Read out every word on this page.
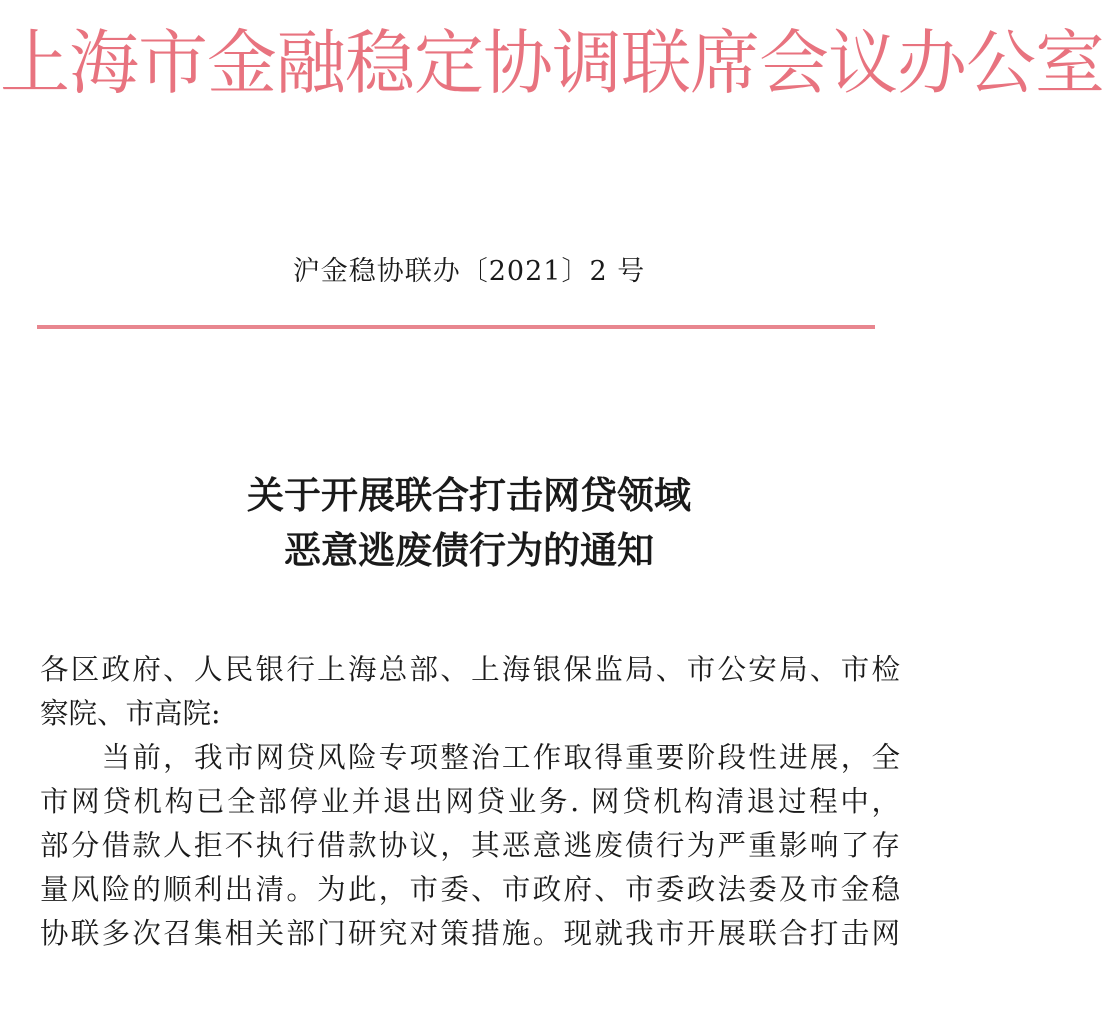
上海市金融稳定协调联席会议办公室
沪金稳协联办〔2021〕2 号
关于开展联合打击网贷领域
恶意逃废债行为的通知
各区政府、人民银行上海总部、上海银保监局、市公安局、市检
察院、市高院:
　　当前，我市网贷风险专项整治工作取得重要阶段性进展，全
市网贷机构已全部停业并退出网贷业务. 网贷机构清退过程中，
部分借款人拒不执行借款协议，其恶意逃废债行为严重影响了存
量风险的顺利出清。为此，市委、市政府、市委政法委及市金稳
协联多次召集相关部门研究对策措施。现就我市开展联合打击网
